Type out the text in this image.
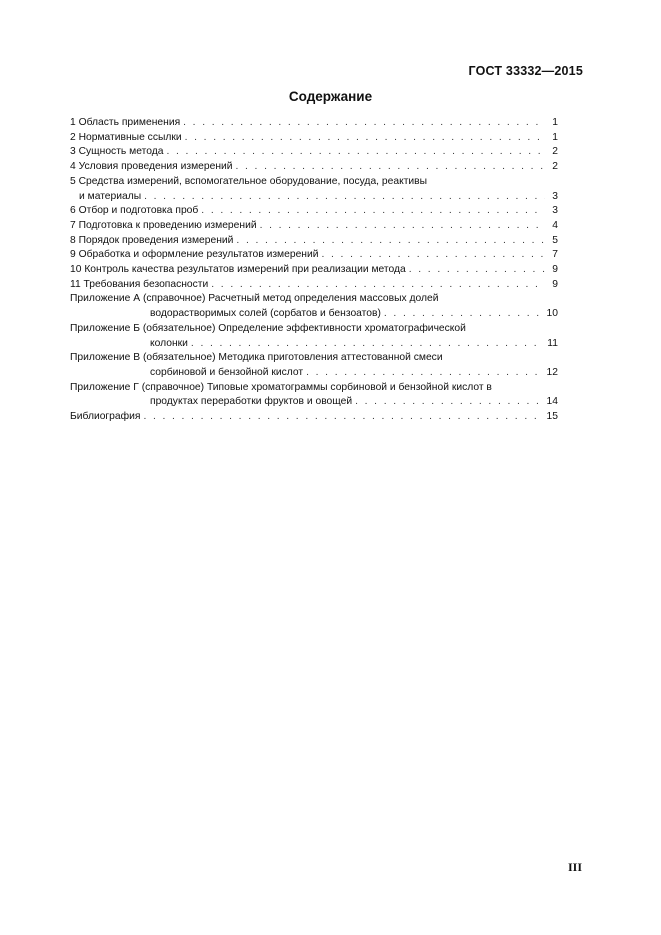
ГОСТ 33332—2015
Содержание
1 Область применения . . .	1
2 Нормативные ссылки . . .	1
3 Сущность метода . . .	2
4 Условия проведения измерений . . .	2
5 Средства измерений, вспомогательное оборудование, посуда, реактивы
и материалы . . .	3
6 Отбор и подготовка проб . . .	3
7 Подготовка к проведению измерений . . .	4
8 Порядок проведения измерений . . .	5
9 Обработка и оформление результатов измерений . . .	7
10 Контроль качества результатов измерений при реализации метода . . .	9
11 Требования безопасности . . .	9
Приложение А (справочное) Расчетный метод определения массовых долей
водорастворимых солей (сорбатов и бензоатов) . . .	10
Приложение Б (обязательное) Определение эффективности хроматографической
колонки . . .	11
Приложение В (обязательное) Методика приготовления аттестованной смеси
сорбиновой и бензойной кислот . . .	12
Приложение Г (справочное) Типовые хроматограммы сорбиновой и бензойной кислот в
продуктах переработки фруктов и овощей . . .	14
Библиография . . .	15
III
